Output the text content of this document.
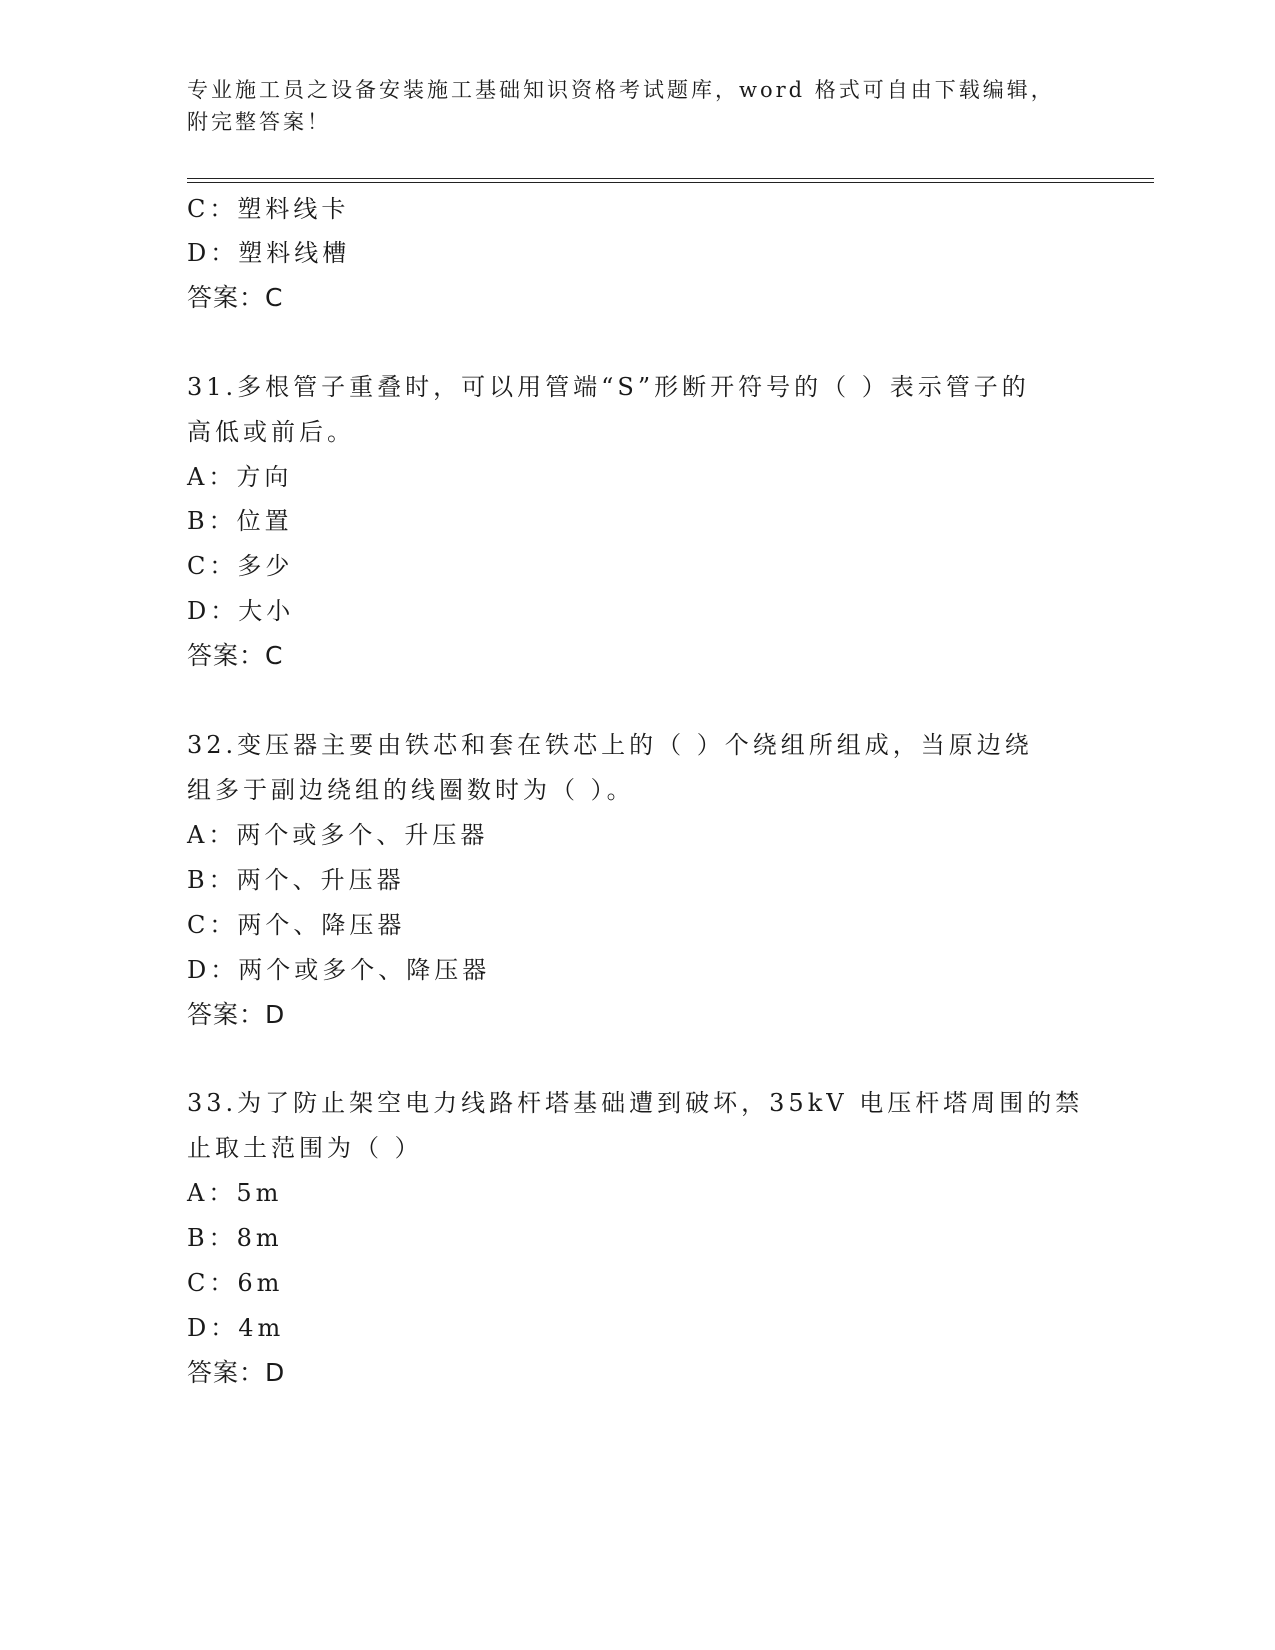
专业施工员之设备安装施工基础知识资格考试题库，word 格式可自由下载编辑，
附完整答案！

C：塑料线卡

D：塑料线槽

答案：C

31.多根管子重叠时，可以用管端“S”形断开符号的（ ）表示管子的

高低或前后。

A：方向

B：位置

C：多少

D：大小

答案：C

32.变压器主要由铁芯和套在铁芯上的（ ）个绕组所组成，当原边绕

组多于副边绕组的线圈数时为（ ）。

A：两个或多个、升压器

B：两个、升压器

C：两个、降压器

D：两个或多个、降压器

答案：D

33.为了防止架空电力线路杆塔基础遭到破坏，35kV 电压杆塔周围的禁

止取土范围为（ ）

A：5m

B：8m

C：6m

D：4m

答案：D
